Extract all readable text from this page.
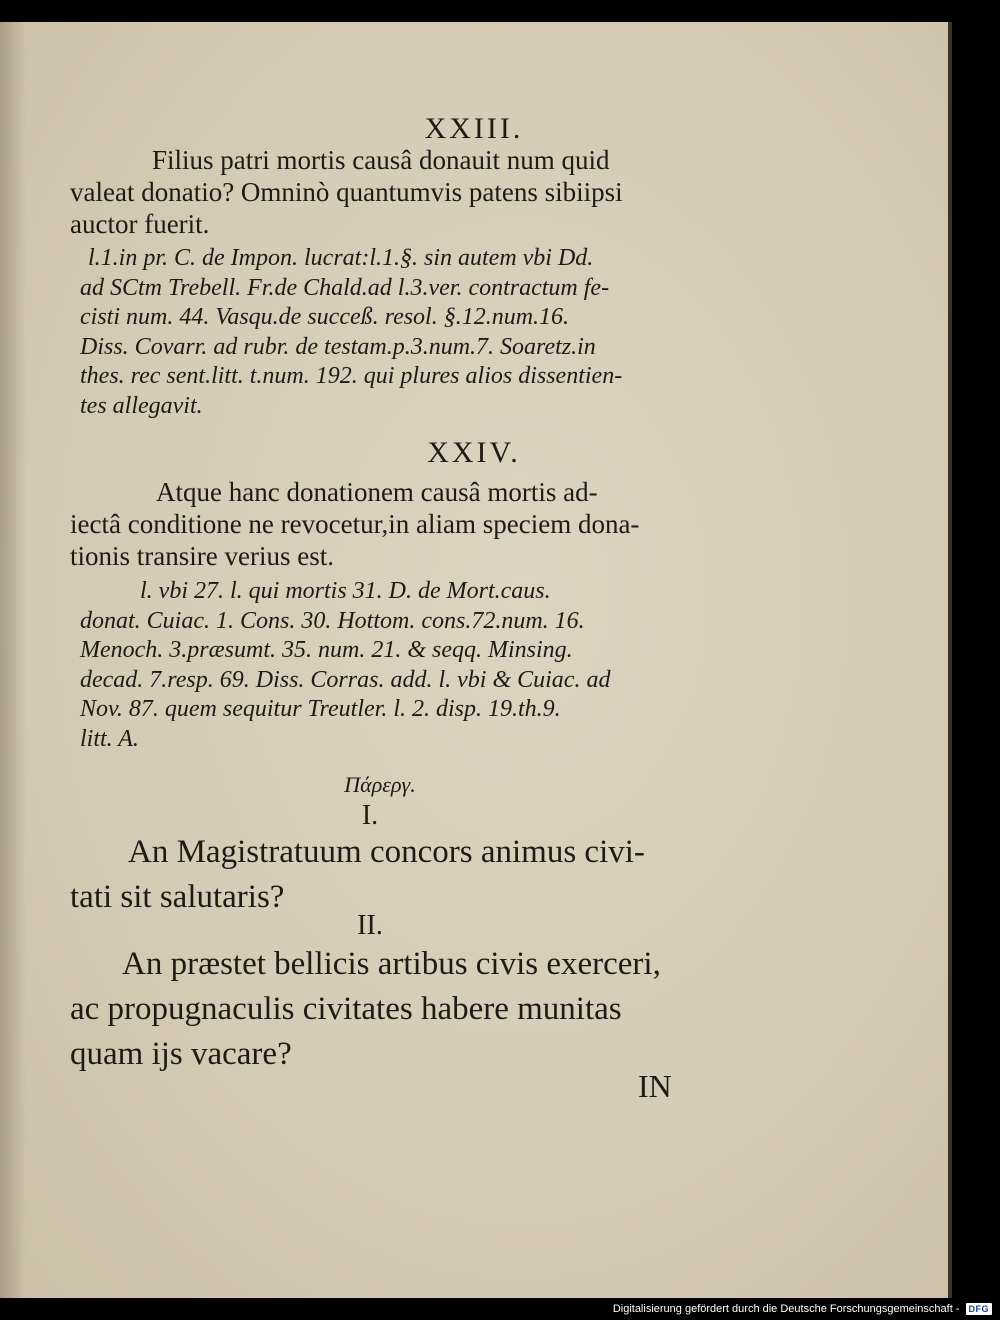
XXIII.
Filius patri mortis causâ donauit num quid
valeat donatio? Omninò quantumvis patens sibiipsi
auctor fuerit.
l.1.in pr. C. de Impon. lucrat:l.1.§. sin autem vbi Dd.
ad SCtm Trebell. Fr.de Chald.ad l.3.ver. contractum fe-
cisti num. 44. Vasqu.de succeß. resol. §.12.num.16.
Diss. Covarr. ad rubr. de testam.p.3.num.7. Soaretz.in
thes. rec sent.litt. t.num. 192. qui plures alios dissentien-
tes allegavit.
XXIV.
Atque hanc donationem causâ mortis ad-
iectâ conditione ne revocetur,in aliam speciem dona-
tionis transire verius est.
l. vbi 27. l. qui mortis 31. D. de Mort.caus.
donat. Cuiac. 1. Cons. 30. Hottom. cons.72.num. 16.
Menoch. 3.præsumt. 35. num. 21. & seqq. Minsing.
decad. 7.resp. 69. Diss. Corras. add. l. vbi & Cuiac. ad
Nov. 87. quem sequitur Treutler. l. 2. disp. 19.th.9.
litt. A.
Πάρεργ.
I.
An Magistratuum concors animus civi-
tati sit salutaris?
II.
An præstet bellicis artibus civis exerceri,
ac propugnaculis civitates habere munitas
quam ijs vacare?
IN
Digitalisierung gefördert durch die Deutsche Forschungsgemeinschaft -	DFG
